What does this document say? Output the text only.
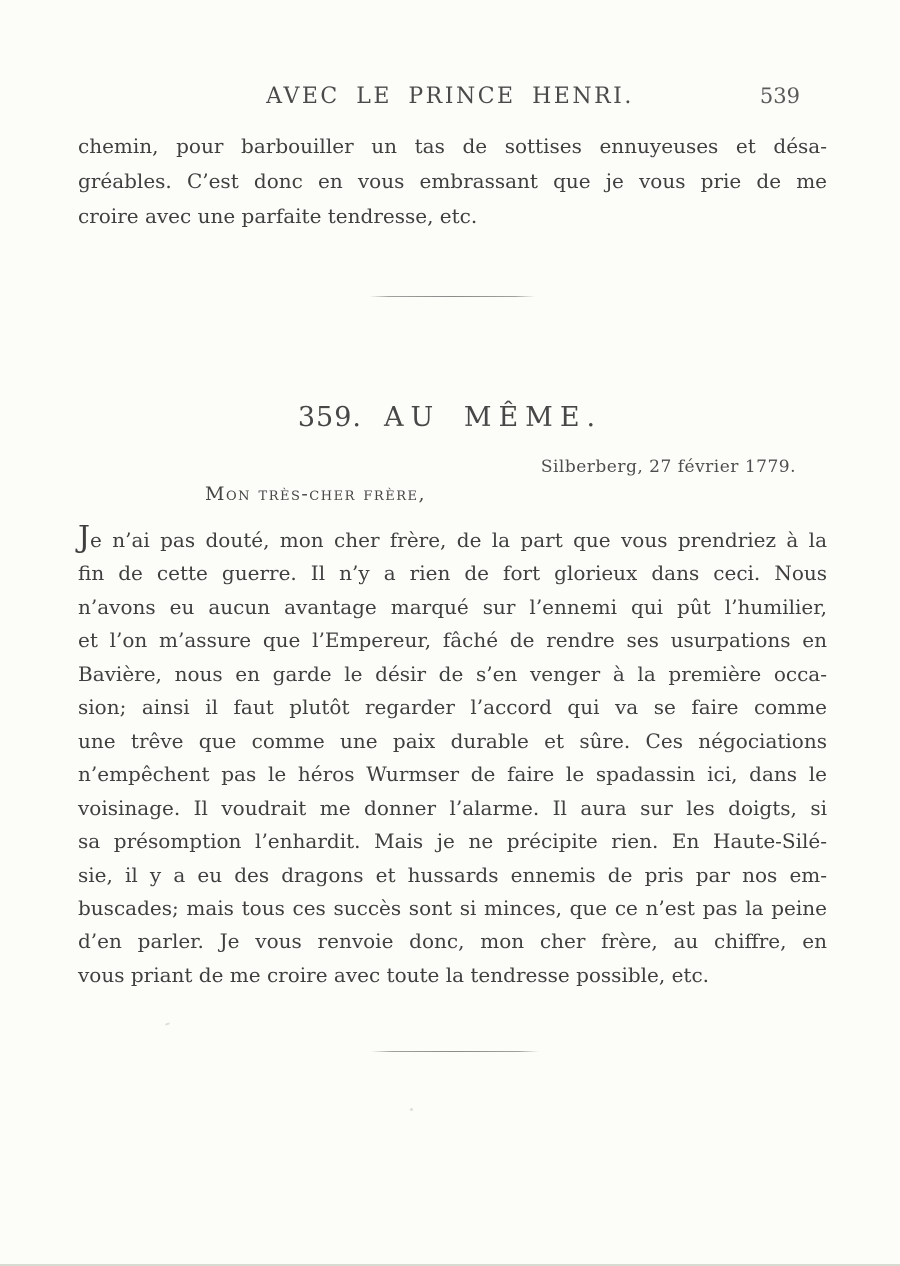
AVEC LE PRINCE HENRI.	539
chemin, pour barbouiller un tas de sottises ennuyeuses et désa-
gréables. C’est donc en vous embrassant que je vous prie de me
croire avec une parfaite tendresse, etc.
359. AU MÊME.
Silberberg, 27 février 1779.
Mon très-cher frère,
Je n’ai pas douté, mon cher frère, de la part que vous prendriez à la
fin de cette guerre. Il n’y a rien de fort glorieux dans ceci. Nous
n’avons eu aucun avantage marqué sur l’ennemi qui pût l’humilier,
et l’on m’assure que l’Empereur, fâché de rendre ses usurpations en
Bavière, nous en garde le désir de s’en venger à la première occa-
sion; ainsi il faut plutôt regarder l’accord qui va se faire comme
une trêve que comme une paix durable et sûre. Ces négociations
n’empêchent pas le héros Wurmser de faire le spadassin ici, dans le
voisinage. Il voudrait me donner l’alarme. Il aura sur les doigts, si
sa présomption l’enhardit. Mais je ne précipite rien. En Haute-Silé-
sie, il y a eu des dragons et hussards ennemis de pris par nos em-
buscades; mais tous ces succès sont si minces, que ce n’est pas la peine
d’en parler. Je vous renvoie donc, mon cher frère, au chiffre, en
vous priant de me croire avec toute la tendresse possible, etc.
